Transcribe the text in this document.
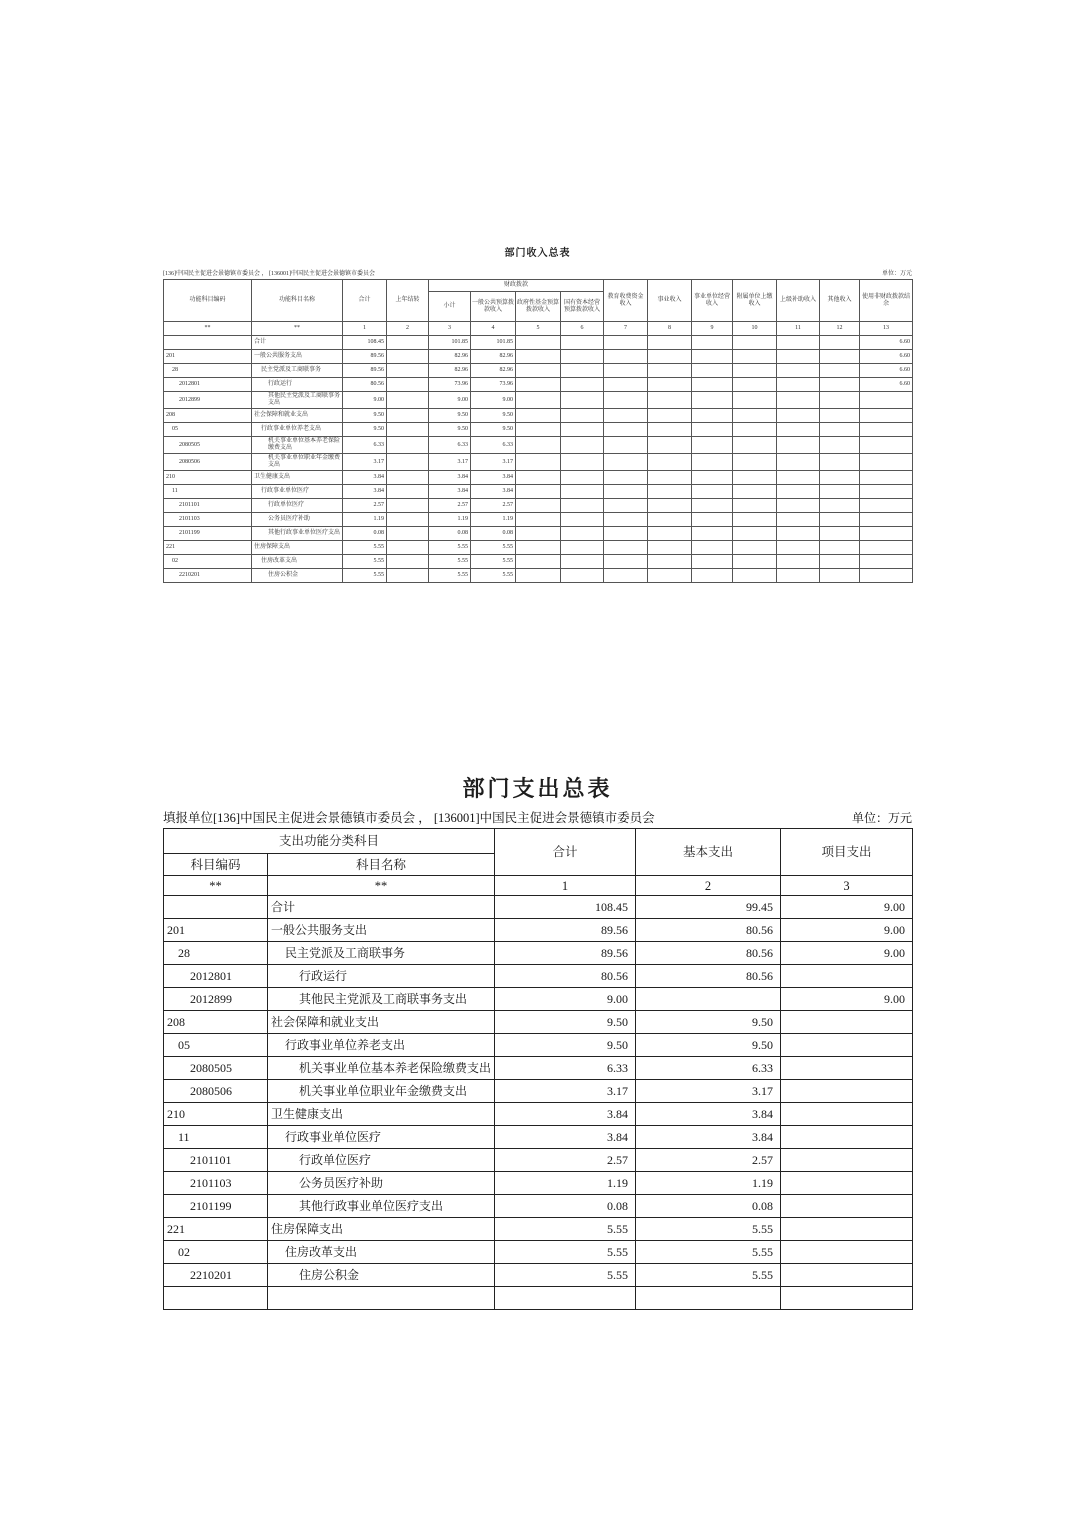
部门收入总表
[136]中国民主促进会景德镇市委员会 ， [136001]中国民主促进会景德镇市委员会	单位：万元
功能科目编码	功能科目名称	合计	上年结转	财政拨款				教育收费资金收入	事业收入	事业单位经营收入	附属单位上缴收入	上级补助收入	其他收入	使用非财政拨款结余
				小计	一般公共预算拨款收入	政府性基金预算拨款收入	国有资本经营预算拨款收入							
**	**	1	2	3	4	5	6	7	8	9	10	11	12	13
	合计	108.45		101.85	101.85									6.60
201	一般公共服务支出	89.56		82.96	82.96									6.60
28	民主党派及工商联事务	89.56		82.96	82.96									6.60
2012801	行政运行	80.56		73.96	73.96									6.60
2012899	其他民主党派及工商联事务支出	9.00		9.00	9.00									
208	社会保障和就业支出	9.50		9.50	9.50									
05	行政事业单位养老支出	9.50		9.50	9.50									
2080505	机关事业单位基本养老保险缴费支出	6.33		6.33	6.33									
2080506	机关事业单位职业年金缴费支出	3.17		3.17	3.17									
210	卫生健康支出	3.84		3.84	3.84									
11	行政事业单位医疗	3.84		3.84	3.84									
2101101	行政单位医疗	2.57		2.57	2.57									
2101103	公务员医疗补助	1.19		1.19	1.19									
2101199	其他行政事业单位医疗支出	0.08		0.08	0.08									
221	住房保障支出	5.55		5.55	5.55									
02	住房改革支出	5.55		5.55	5.55									
2210201	住房公积金	5.55		5.55	5.55									
部门支出总表
填报单位[136]中国民主促进会景德镇市委员会 ， [136001]中国民主促进会景德镇市委员会	单位：万元
支出功能分类科目		合计	基本支出	项目支出
科目编码	科目名称			
**	**	1	2	3
	合计	108.45	99.45	9.00
201	一般公共服务支出	89.56	80.56	9.00
28	民主党派及工商联事务	89.56	80.56	9.00
2012801	行政运行	80.56	80.56	
2012899	其他民主党派及工商联事务支出	9.00		9.00
208	社会保障和就业支出	9.50	9.50	
05	行政事业单位养老支出	9.50	9.50	
2080505	机关事业单位基本养老保险缴费支出	6.33	6.33	
2080506	机关事业单位职业年金缴费支出	3.17	3.17	
210	卫生健康支出	3.84	3.84	
11	行政事业单位医疗	3.84	3.84	
2101101	行政单位医疗	2.57	2.57	
2101103	公务员医疗补助	1.19	1.19	
2101199	其他行政事业单位医疗支出	0.08	0.08	
221	住房保障支出	5.55	5.55	
02	住房改革支出	5.55	5.55	
2210201	住房公积金	5.55	5.55	
